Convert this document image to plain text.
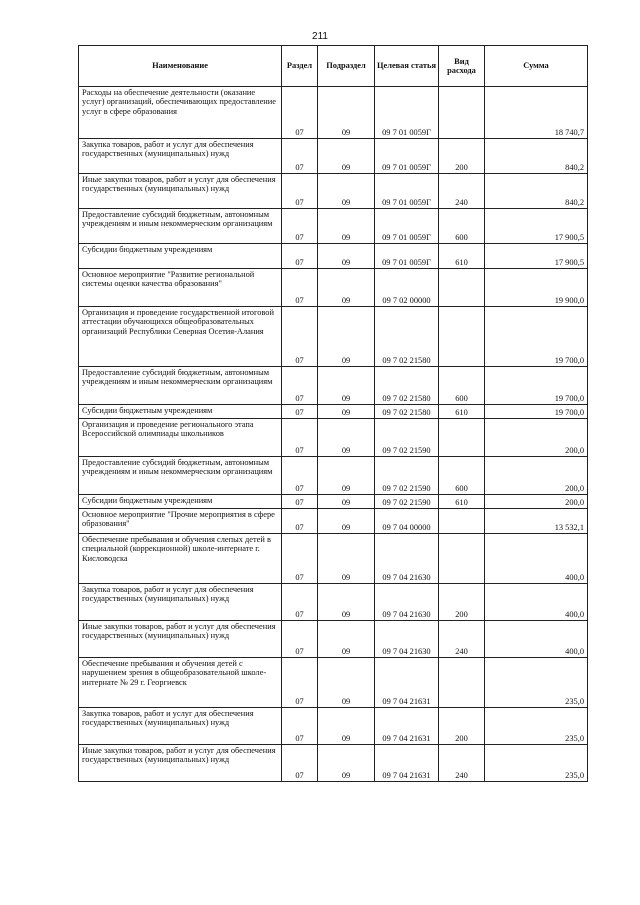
211
Наименование	Раздел	Подраздел	Целевая статья	Вид расхода	Сумма
Расходы на обеспечение деятельности (оказание услуг) организаций, обеспечивающих предоставление услуг в сфере образования	07	09	09 7 01 0059Г		18 740,7
Закупка товаров, работ и услуг для обеспечения государственных (муниципальных) нужд	07	09	09 7 01 0059Г	200	840,2
Иные закупки товаров, работ и услуг для обеспечения государственных (муниципальных) нужд	07	09	09 7 01 0059Г	240	840,2
Предоставление субсидий бюджетным, автономным учреждениям и иным некоммерческим организациям	07	09	09 7 01 0059Г	600	17 900,5
Субсидии бюджетным учреждениям	07	09	09 7 01 0059Г	610	17 900,5
Основное мероприятие "Развитие региональной системы оценки качества образования"	07	09	09 7 02 00000		19 900,0
Организация и проведение государственной итоговой аттестации обучающихся общеобразовательных организаций Республики Северная Осетия-Алания	07	09	09 7 02 21580		19 700,0
Предоставление субсидий бюджетным, автономным учреждениям и иным некоммерческим организациям	07	09	09 7 02 21580	600	19 700,0
Субсидии бюджетным учреждениям	07	09	09 7 02 21580	610	19 700,0
Организация и проведение регионального этапа Всероссийской олимпиады школьников	07	09	09 7 02 21590		200,0
Предоставление субсидий бюджетным, автономным учреждениям и иным некоммерческим организациям	07	09	09 7 02 21590	600	200,0
Субсидии бюджетным учреждениям	07	09	09 7 02 21590	610	200,0
Основное мероприятие "Прочие мероприятия в сфере образования"	07	09	09 7 04 00000		13 532,1
Обеспечение пребывания и обучения слепых детей в специальной (коррекционной) школе-интернате г. Кисловодска	07	09	09 7 04 21630		400,0
Закупка товаров, работ и услуг для обеспечения государственных (муниципальных) нужд	07	09	09 7 04 21630	200	400,0
Иные закупки товаров, работ и услуг для обеспечения государственных (муниципальных) нужд	07	09	09 7 04 21630	240	400,0
Обеспечение пребывания и обучения детей с нарушением зрения в общеобразовательной школе-интернате № 29 г. Георгиевск	07	09	09 7 04 21631		235,0
Закупка товаров, работ и услуг для обеспечения государственных (муниципальных) нужд	07	09	09 7 04 21631	200	235,0
Иные закупки товаров, работ и услуг для обеспечения государственных (муниципальных) нужд	07	09	09 7 04 21631	240	235,0
